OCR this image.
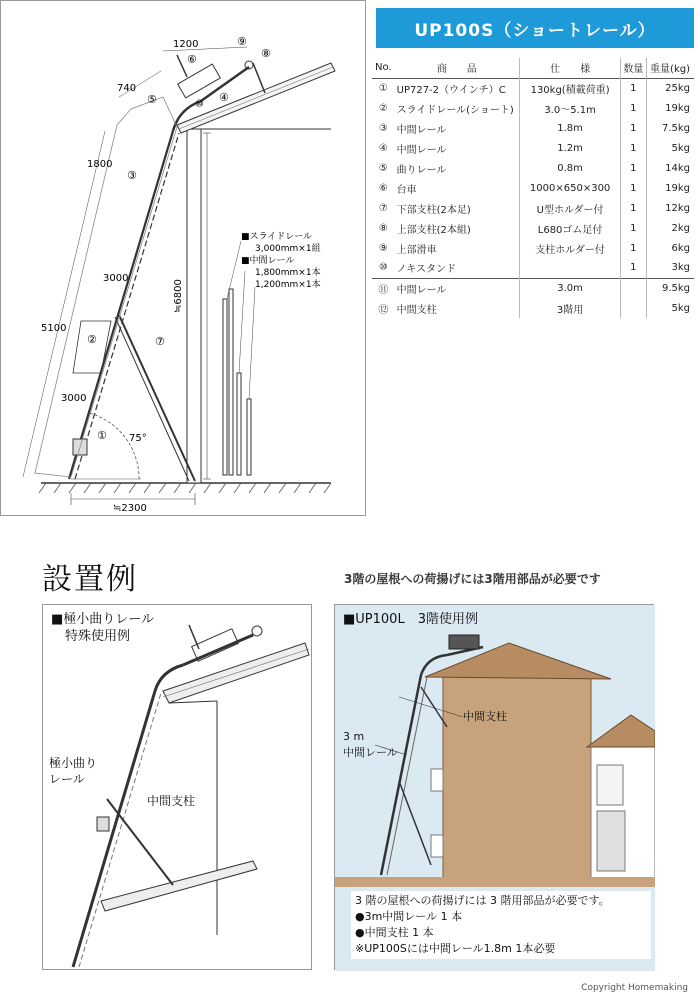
1200
740
1800
3000
5100
3000
≒6800
≒2300
75°
①
②
③
④
⑤
⑥
⑦
⑧
⑨
⑩
■スライドレール
3,000mm×1組
■中間レール
1,800mm×1本
1,200mm×1本
UP100S（ショートレール）
No.	商　　品	仕　　様	数量	重量(kg)
①	UP727-2（ウインチ）C	130kg(積載荷重)	1	25kg
②	スライドレール(ショート)	3.0～5.1m	1	19kg
③	中間レール	1.8m	1	7.5kg
④	中間レール	1.2m	1	5kg
⑤	曲りレール	0.8m	1	14kg
⑥	台車	1000×650×300	1	19kg
⑦	下部支柱(2本足)	U型ホルダー付	1	12kg
⑧	上部支柱(2本組)	L680ゴム足付	1	2kg
⑨	上部滑車	支柱ホルダー付	1	6kg
⑩	ノキスタンド		1	3kg
⑪	中間レール	3.0m		9.5kg
⑫	中間支柱	3階用		5kg
設置例	3階の屋根への荷揚げには3階用部品が必要です
■極小曲りレール
特殊使用例
極小曲り
レール
中間支柱
■UP100L　3階使用例
中間支柱
3 m
中間レール
3 階の屋根への荷揚げには 3 階用部品が必要です。
●3m中間レール 1 本
●中間支柱 1 本
※UP100Sには中間レール1.8m 1本必要
Copyright Homemaking
